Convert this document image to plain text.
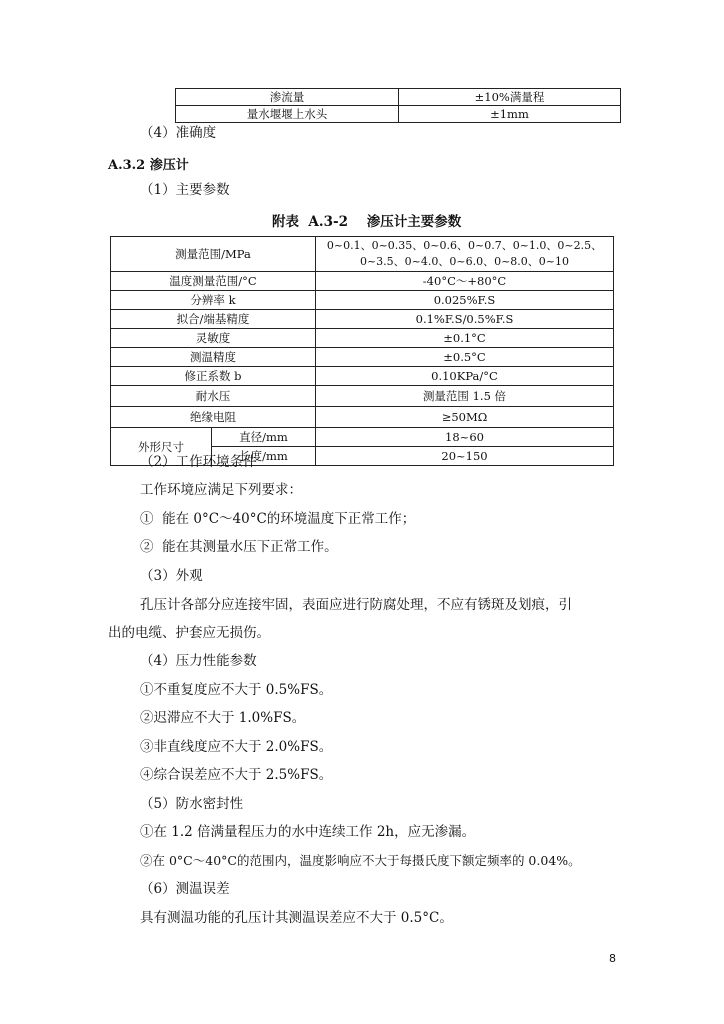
渗流量	±10%满量程
量水堰堰上水头	±1mm
（4）准确度
A.3.2 渗压计
（1）主要参数
附表  A.3-2    渗压计主要参数
测量范围/MPa		0~0.1、0~0.35、0~0.6、0~0.7、0~1.0、0~2.5、
0~3.5、0~4.0、0~6.0、0~8.0、0~10

温度测量范围/°C		-40°C～+80°C
分辨率 k		0.025%F.S
拟合/端基精度		0.1%F.S/0.5%F.S
灵敏度		±0.1°C
测温精度		±0.5°C
修正系数 b		0.10KPa/°C
耐水压		测量范围 1.5 倍
绝缘电阻		≥50MΩ
外形尺寸	直径/mm	18~60
	长度/mm	20~150
（2）工作环境条件
工作环境应满足下列要求：
①  能在 0°C～40°C的环境温度下正常工作；
②  能在其测量水压下正常工作。
（3）外观
孔压计各部分应连接牢固，表面应进行防腐处理，不应有锈斑及划痕，引
出的电缆、护套应无损伤。
（4）压力性能参数
①不重复度应不大于 0.5%FS。
②迟滞应不大于 1.0%FS。
③非直线度应不大于 2.0%FS。
④综合误差应不大于 2.5%FS。
（5）防水密封性
①在 1.2 倍满量程压力的水中连续工作 2h，应无渗漏。
②在 0°C～40°C的范围内，温度影响应不大于每摄氏度下额定频率的 0.04%。
（6）测温误差
具有测温功能的孔压计其测温误差应不大于 0.5°C。
8
